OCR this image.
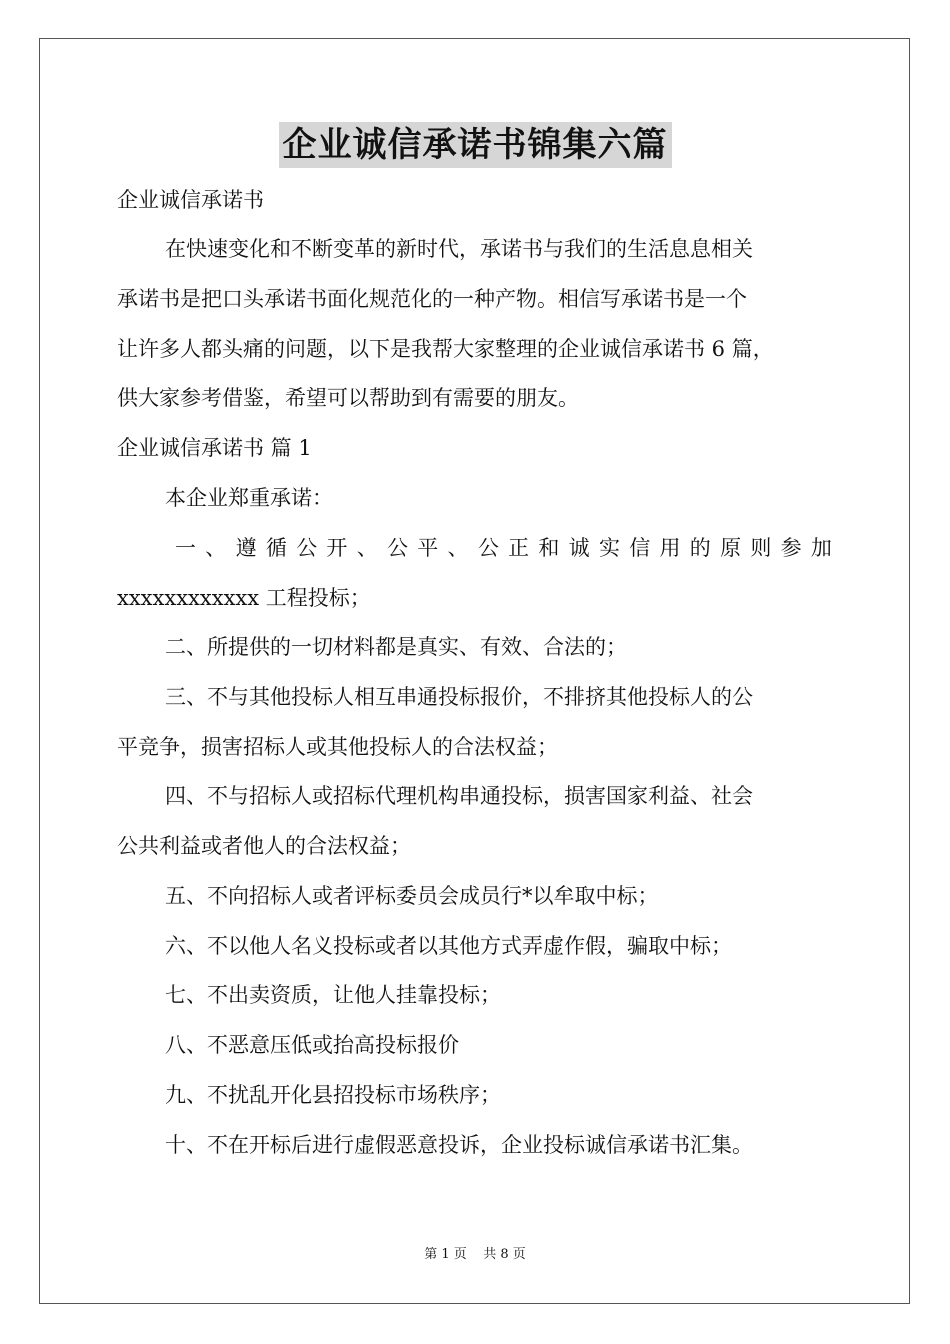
企业诚信承诺书锦集六篇
企业诚信承诺书
在快速变化和不断变革的新时代，承诺书与我们的生活息息相关
承诺书是把口头承诺书面化规范化的一种产物。相信写承诺书是一个
让许多人都头痛的问题，以下是我帮大家整理的企业诚信承诺书 6 篇，
供大家参考借鉴，希望可以帮助到有需要的朋友。
企业诚信承诺书 篇 1
本企业郑重承诺：
一 、 遵 循 公 开 、 公 平 、 公 正 和 诚 实 信 用 的 原 则 参 加
xxxxxxxxxxxx 工程投标；
二、所提供的一切材料都是真实、有效、合法的；
三、不与其他投标人相互串通投标报价，不排挤其他投标人的公
平竞争，损害招标人或其他投标人的合法权益；
四、不与招标人或招标代理机构串通投标，损害国家利益、社会
公共利益或者他人的合法权益；
五、不向招标人或者评标委员会成员行*以牟取中标；
六、不以他人名义投标或者以其他方式弄虚作假，骗取中标；
七、不出卖资质，让他人挂靠投标；
八、不恶意压低或抬高投标报价
九、不扰乱开化县招投标市场秩序；
十、不在开标后进行虚假恶意投诉，企业投标诚信承诺书汇集。
第 1 页    共 8 页
